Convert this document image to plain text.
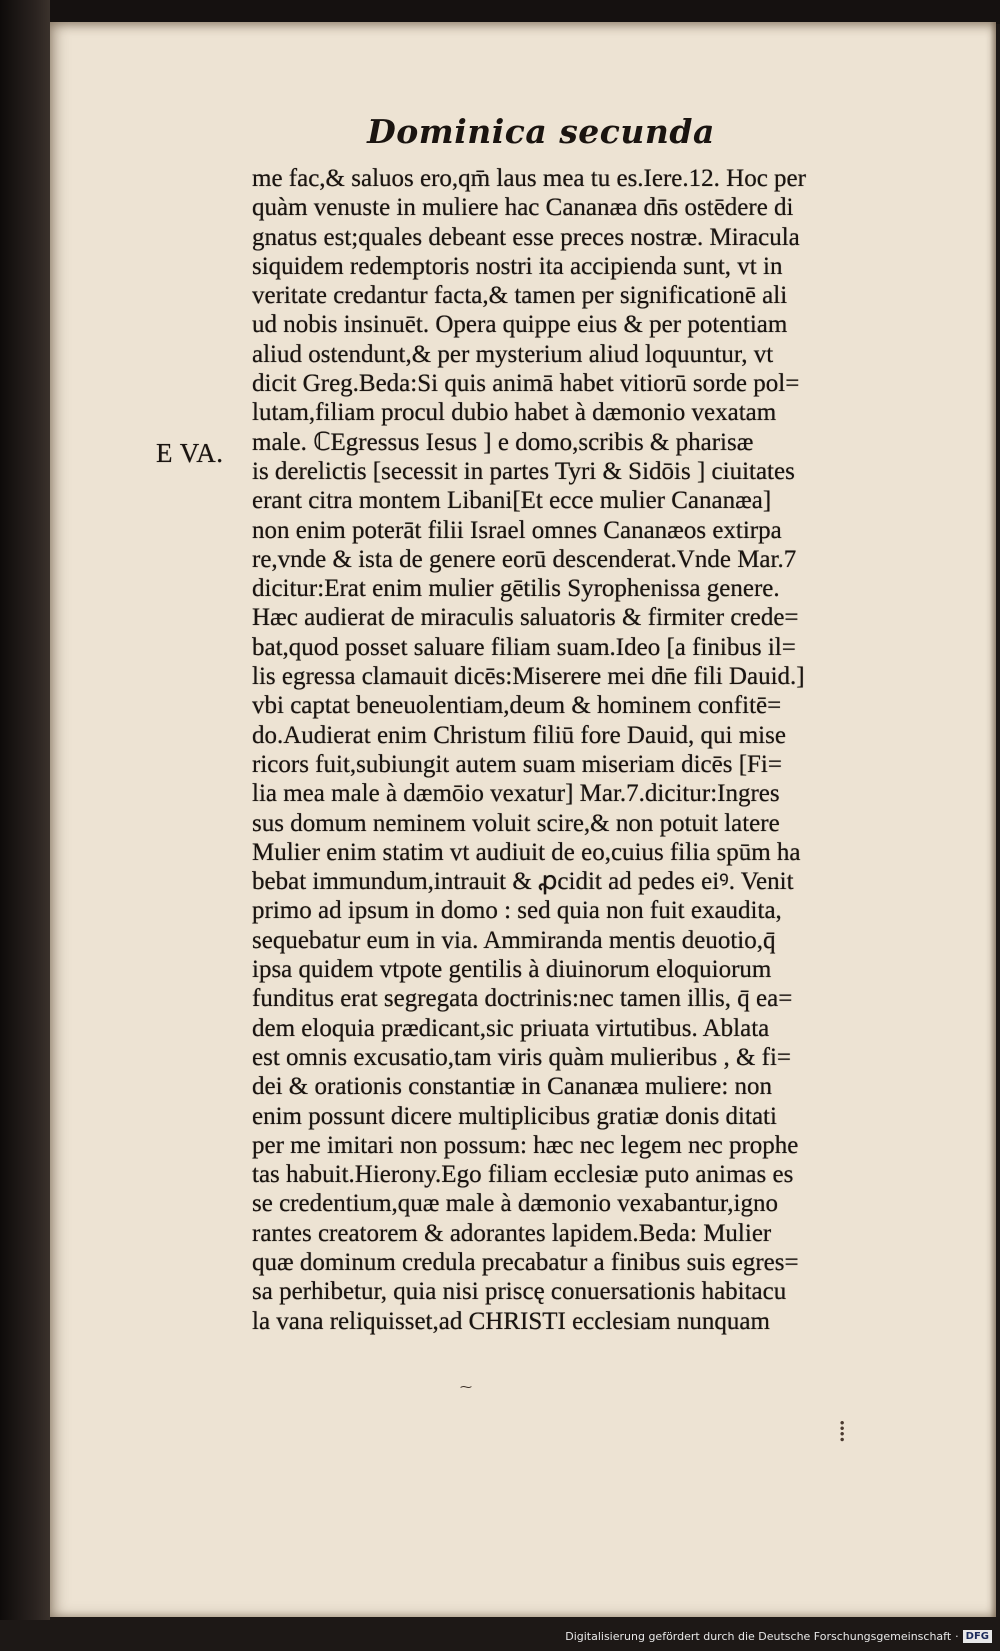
Dominica secunda
E VA.
me fac,& saluos ero,qm̄ laus mea tu es.Iere.12. Hoc per
quàm venuste in muliere hac Cananæa dn̄s ostēdere di
gnatus est;quales debeant esse preces nostræ. Miracula
siquidem redemptoris nostri ita accipienda sunt, vt in
veritate credantur facta,& tamen per significationē ali
ud nobis insinuēt. Opera quippe eius & per potentiam
aliud ostendunt,& per mysterium aliud loquuntur, vt
dicit Greg.Beda:Si quis animā habet vitiorū sorde pol=
lutam,filiam procul dubio habet à dæmonio vexatam
male. ℂEgressus Iesus ] e domo,scribis & pharisæ
is derelictis [secessit in partes Tyri & Sidōis ] ciuitates
erant citra montem Libani[Et ecce mulier Cananæa]
non enim poterāt filii Israel omnes Cananæos extirpa
re,vnde & ista de genere eorū descenderat.Vnde Mar.7
dicitur:Erat enim mulier gētilis Syrophenissa genere.
Hæc audierat de miraculis saluatoris & firmiter crede=
bat,quod posset saluare filiam suam.Ideo [a finibus il=
lis egressa clamauit dicēs:Miserere mei dn̄e fili Dauid.]
vbi captat beneuolentiam,deum & hominem confitē=
do.Audierat enim Christum filiū fore Dauid, qui mise
ricors fuit,subiungit autem suam miseriam dicēs [Fi=
lia mea male à dæmōio vexatur] Mar.7.dicitur:Ingres
sus domum neminem voluit scire,& non potuit latere
Mulier enim statim vt audiuit de eo,cuius filia spūm ha
bebat immundum,intrauit & ꝓcidit ad pedes eiꝰ. Venit
primo ad ipsum in domo : sed quia non fuit exaudita,
sequebatur eum in via. Ammiranda mentis deuotio,q̄
ipsa quidem vtpote gentilis à diuinorum eloquiorum
funditus erat segregata doctrinis:nec tamen illis, q̄ ea=
dem eloquia prædicant,sic priuata virtutibus. Ablata
est omnis excusatio,tam viris quàm mulieribus , & fi=
dei & orationis constantiæ in Cananæa muliere: non
enim possunt dicere multiplicibus gratiæ donis ditati
per me imitari non possum: hæc nec legem nec prophe
tas habuit.Hierony.Ego filiam ecclesiæ puto animas es
se credentium,quæ male à dæmonio vexabantur,igno
rantes creatorem & adorantes lapidem.Beda: Mulier
quæ dominum credula precabatur a finibus suis egres=
sa perhibetur, quia nisi priscę conuersationis habitacu
la vana reliquisset,ad CHRISTI ecclesiam nunquam
⁓
⁞
Digitalisierung gefördert durch die Deutsche Forschungsgemeinschaft · DFG
